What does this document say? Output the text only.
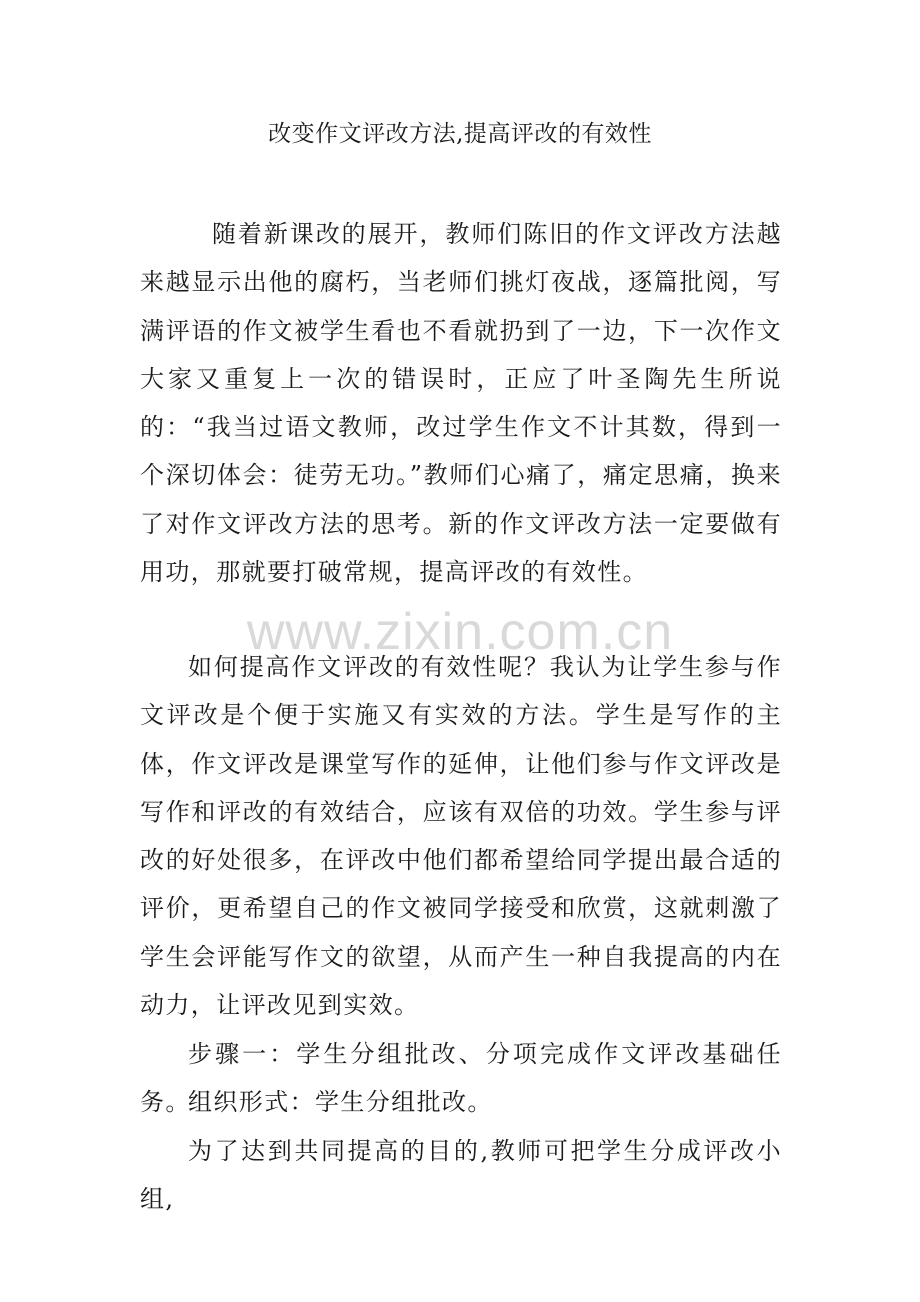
www.zixin.com.cn
改变作文评改方法,提高评改的有效性

随着新课改的展开，教师们陈旧的作文评改方法越来越显示出他的腐朽，当老师们挑灯夜战，逐篇批阅，写满评语的作文被学生看也不看就扔到了一边，下一次作文大家又重复上一次的错误时，正应了叶圣陶先生所说的：“我当过语文教师，改过学生作文不计其数，得到一个深切体会：徒劳无功。”教师们心痛了，痛定思痛，换来了对作文评改方法的思考。新的作文评改方法一定要做有用功，那就要打破常规，提高评改的有效性。

如何提高作文评改的有效性呢？我认为让学生参与作文评改是个便于实施又有实效的方法。学生是写作的主体，作文评改是课堂写作的延伸，让他们参与作文评改是写作和评改的有效结合，应该有双倍的功效。学生参与评改的好处很多，在评改中他们都希望给同学提出最合适的评价，更希望自己的作文被同学接受和欣赏，这就刺激了学生会评能写作文的欲望，从而产生一种自我提高的内在动力，让评改见到实效。

步骤一：学生分组批改、分项完成作文评改基础任务。

组织形式：学生分组批改。

为了达到共同提高的目的,教师可把学生分成评改小组,
